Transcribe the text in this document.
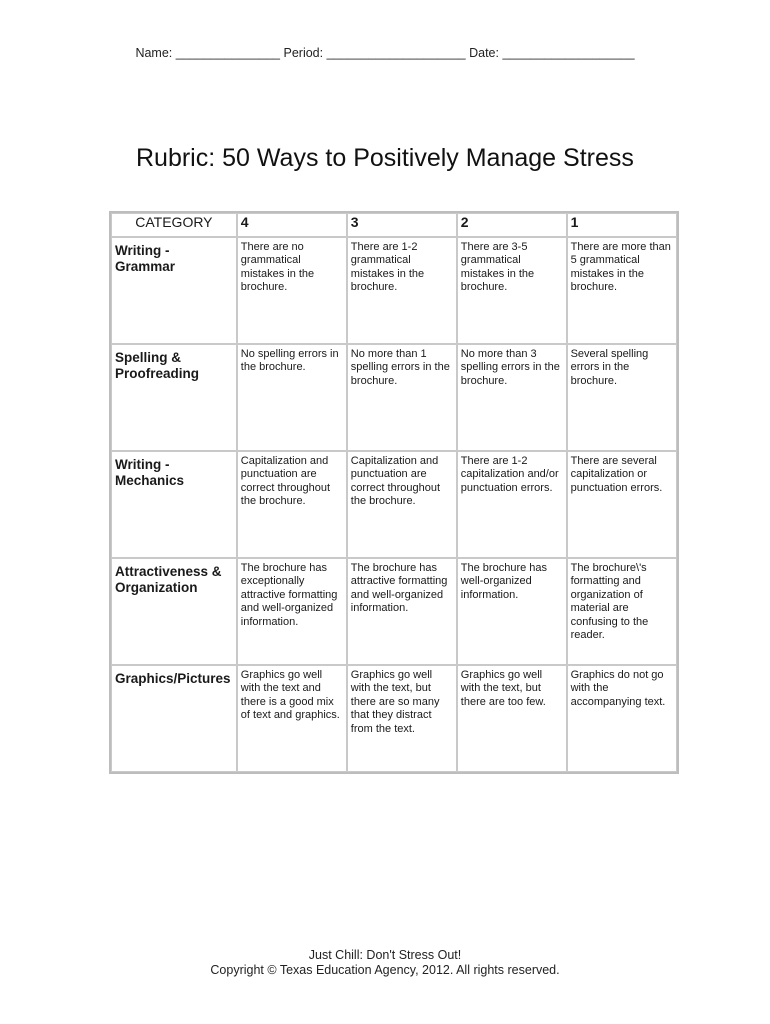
Name: _______________ Period: ____________________ Date: ___________________
Rubric: 50 Ways to Positively Manage Stress
CATEGORY	4	3	2	1
Writing - Grammar	There are no grammatical mistakes in the brochure.	There are 1-2 grammatical mistakes in the brochure.	There are 3-5 grammatical mistakes in the brochure.	There are more than 5 grammatical mistakes in the brochure.
Spelling & Proofreading	No spelling errors in the brochure.	No more than 1 spelling errors in the brochure.	No more than 3 spelling errors in the brochure.	Several spelling errors in the brochure.
Writing - Mechanics	Capitalization and punctuation are correct throughout the brochure.	Capitalization and punctuation are correct throughout the brochure.	There are 1-2 capitalization and/or punctuation errors.	There are several capitalization or punctuation errors.
Attractiveness & Organization	The brochure has exceptionally attractive formatting and well-organized information.	The brochure has attractive formatting and well-organized information.	The brochure has well-organized information.	The brochure\'s formatting and organization of material are confusing to the reader.
Graphics/Pictures	Graphics go well with the text and there is a good mix of text and graphics.	Graphics go well with the text, but there are so many that they distract from the text.	Graphics go well with the text, but there are too few.	Graphics do not go with the accompanying text.
Just Chill: Don't Stress Out!
Copyright © Texas Education Agency, 2012. All rights reserved.
